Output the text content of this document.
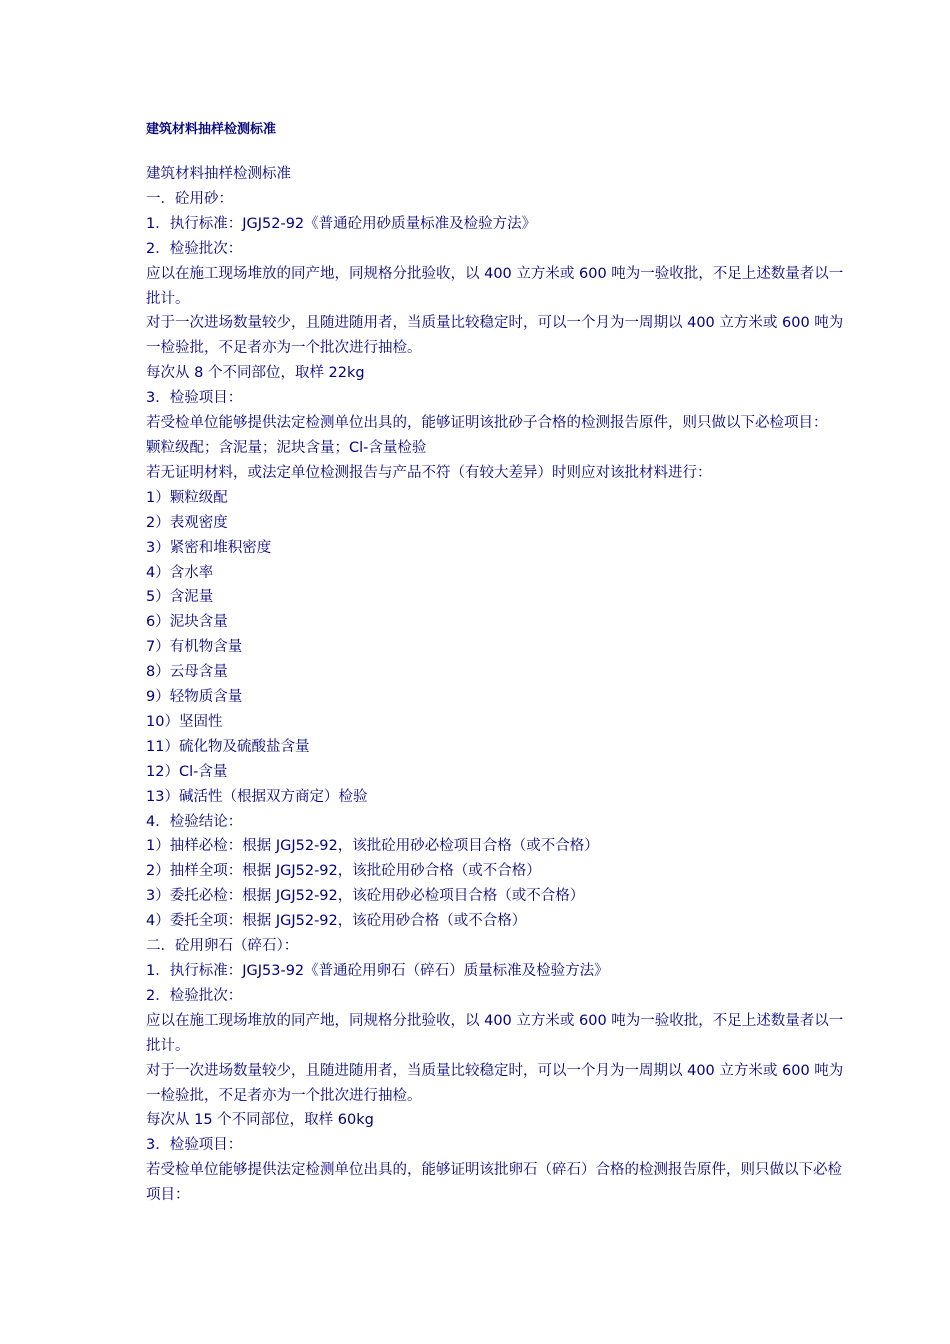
建筑材料抽样检测标准

建筑材料抽样检测标准

一．砼用砂：

1．执行标准：JGJ52-92《普通砼用砂质量标准及检验方法》

2．检验批次：

应以在施工现场堆放的同产地，同规格分批验收，以 400 立方米或 600 吨为一验收批，不足上述数量者以一批计。

对于一次进场数量较少，且随进随用者，当质量比较稳定时，可以一个月为一周期以 400 立方米或 600 吨为一检验批，不足者亦为一个批次进行抽检。

每次从 8 个不同部位，取样 22kg

3．检验项目：

若受检单位能够提供法定检测单位出具的，能够证明该批砂子合格的检测报告原件，则只做以下必检项目：

颗粒级配；含泥量；泥块含量；Cl-含量检验

若无证明材料，或法定单位检测报告与产品不符（有较大差异）时则应对该批材料进行：

1）颗粒级配

2）表观密度

3）紧密和堆积密度

4）含水率

5）含泥量

6）泥块含量

7）有机物含量

8）云母含量

9）轻物质含量

10）坚固性

11）硫化物及硫酸盐含量

12）Cl-含量

13）碱活性（根据双方商定）检验

4．检验结论：

1）抽样必检：根据 JGJ52-92，该批砼用砂必检项目合格（或不合格）

2）抽样全项：根据 JGJ52-92，该批砼用砂合格（或不合格）

3）委托必检：根据 JGJ52-92，该砼用砂必检项目合格（或不合格）

4）委托全项：根据 JGJ52-92，该砼用砂合格（或不合格）

二．砼用卵石（碎石）：

1．执行标准：JGJ53-92《普通砼用卵石（碎石）质量标准及检验方法》

2．检验批次：

应以在施工现场堆放的同产地，同规格分批验收，以 400 立方米或 600 吨为一验收批，不足上述数量者以一批计。

对于一次进场数量较少，且随进随用者，当质量比较稳定时，可以一个月为一周期以 400 立方米或 600 吨为一检验批，不足者亦为一个批次进行抽检。

每次从 15 个不同部位，取样 60kg

3．检验项目：

若受检单位能够提供法定检测单位出具的，能够证明该批卵石（碎石）合格的检测报告原件，则只做以下必检项目：
